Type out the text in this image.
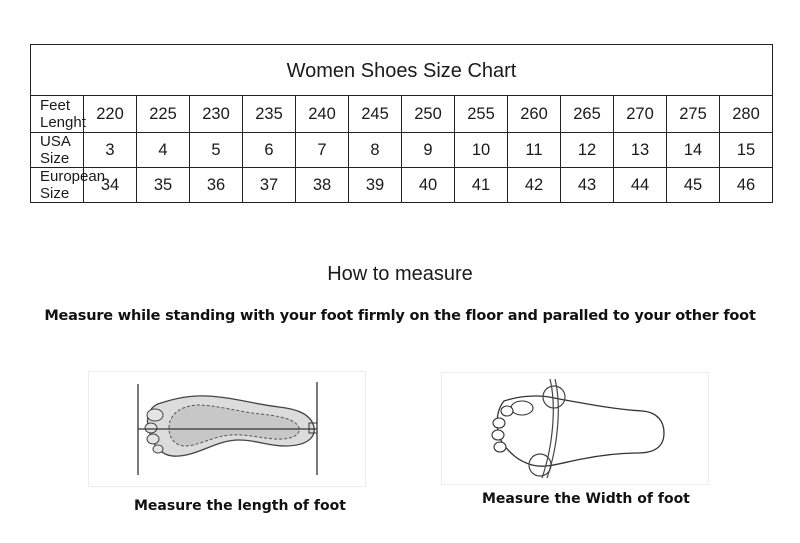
Women Shoes Size Chart													
Feet Lenght	220	225	230	235	240	245	250	255	260	265	270	275	280
USA Size	3	4	5	6	7	8	9	10	11	12	13	14	15
European Size	34	35	36	37	38	39	40	41	42	43	44	45	46
How to measure
Measure while standing with your foot firmly on the floor and paralled to your other foot
Measure the length of foot	Measure the Width of foot
